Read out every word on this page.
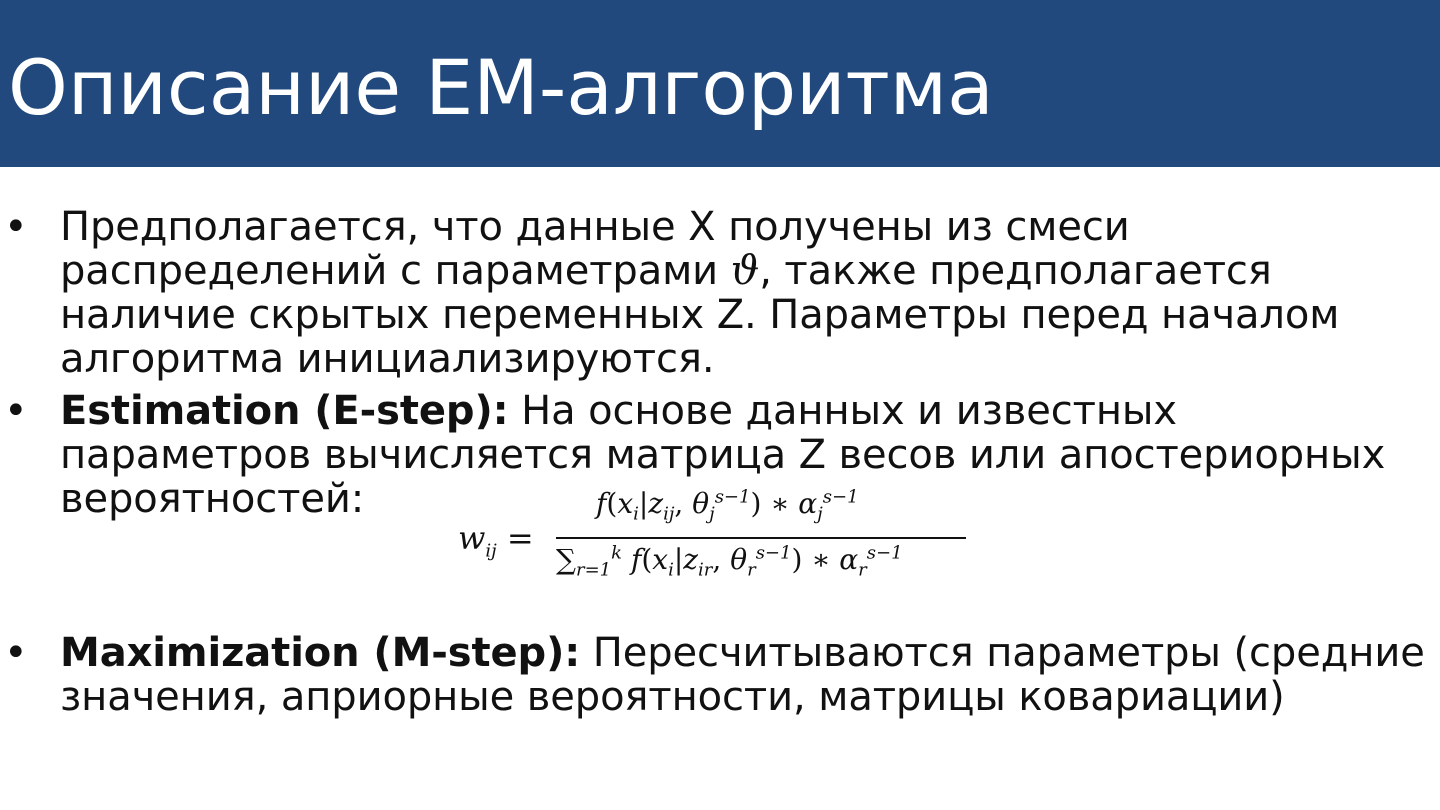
Описание EM-алгоритма
• Предполагается, что данные X получены из смеси распределений с параметрами ϑ, также предполагается наличие скрытых переменных Z. Параметры перед началом алгоритма инициализируются.
• Estimation (E-step): На основе данных и известных параметров вычисляется матрица Z весов или апостериорных вероятностей:
• Maximization (M-step): Пересчитываются параметры (средние значения, априорные вероятности, матрицы ковариации)
$w_{ij}$ =
$f(x_i|z_{ij}$, $\theta_j^{s-1}$) ∗ $\alpha_j^{s-1}$
$\sum_{r=1}^k$ $f(x_i|z_{ir}$, $\theta_r^{s-1}$) ∗ $\alpha_r^{s-1}$
